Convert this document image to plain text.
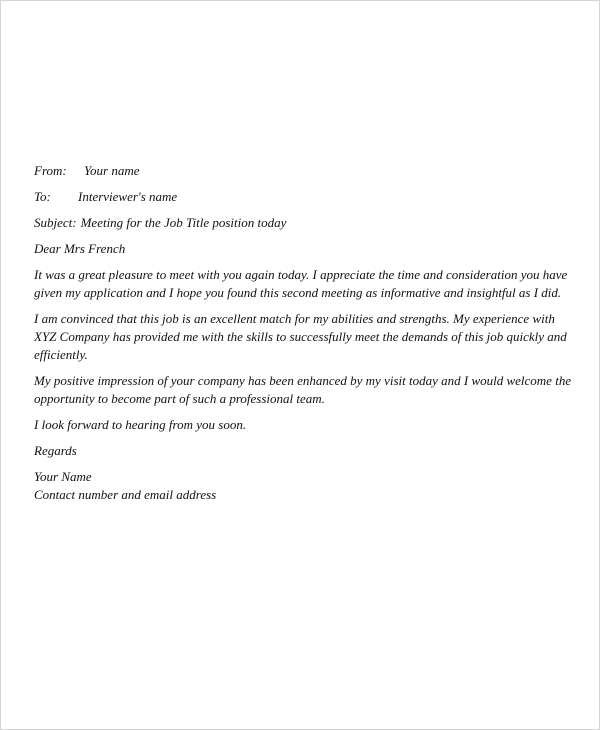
From: Your name

To: Interviewer's name

Subject: Meeting for the Job Title position today

Dear Mrs French

It was a great pleasure to meet with you again today. I appreciate the time and consideration you have given my application and I hope you found this second meeting as informative and insightful as I did.

I am convinced that this job is an excellent match for my abilities and strengths. My experience with XYZ Company has provided me with the skills to successfully meet the demands of this job quickly and efficiently.

My positive impression of your company has been enhanced by my visit today and I would welcome the opportunity to become part of such a professional team.

I look forward to hearing from you soon.

Regards

Your Name
Contact number and email address
